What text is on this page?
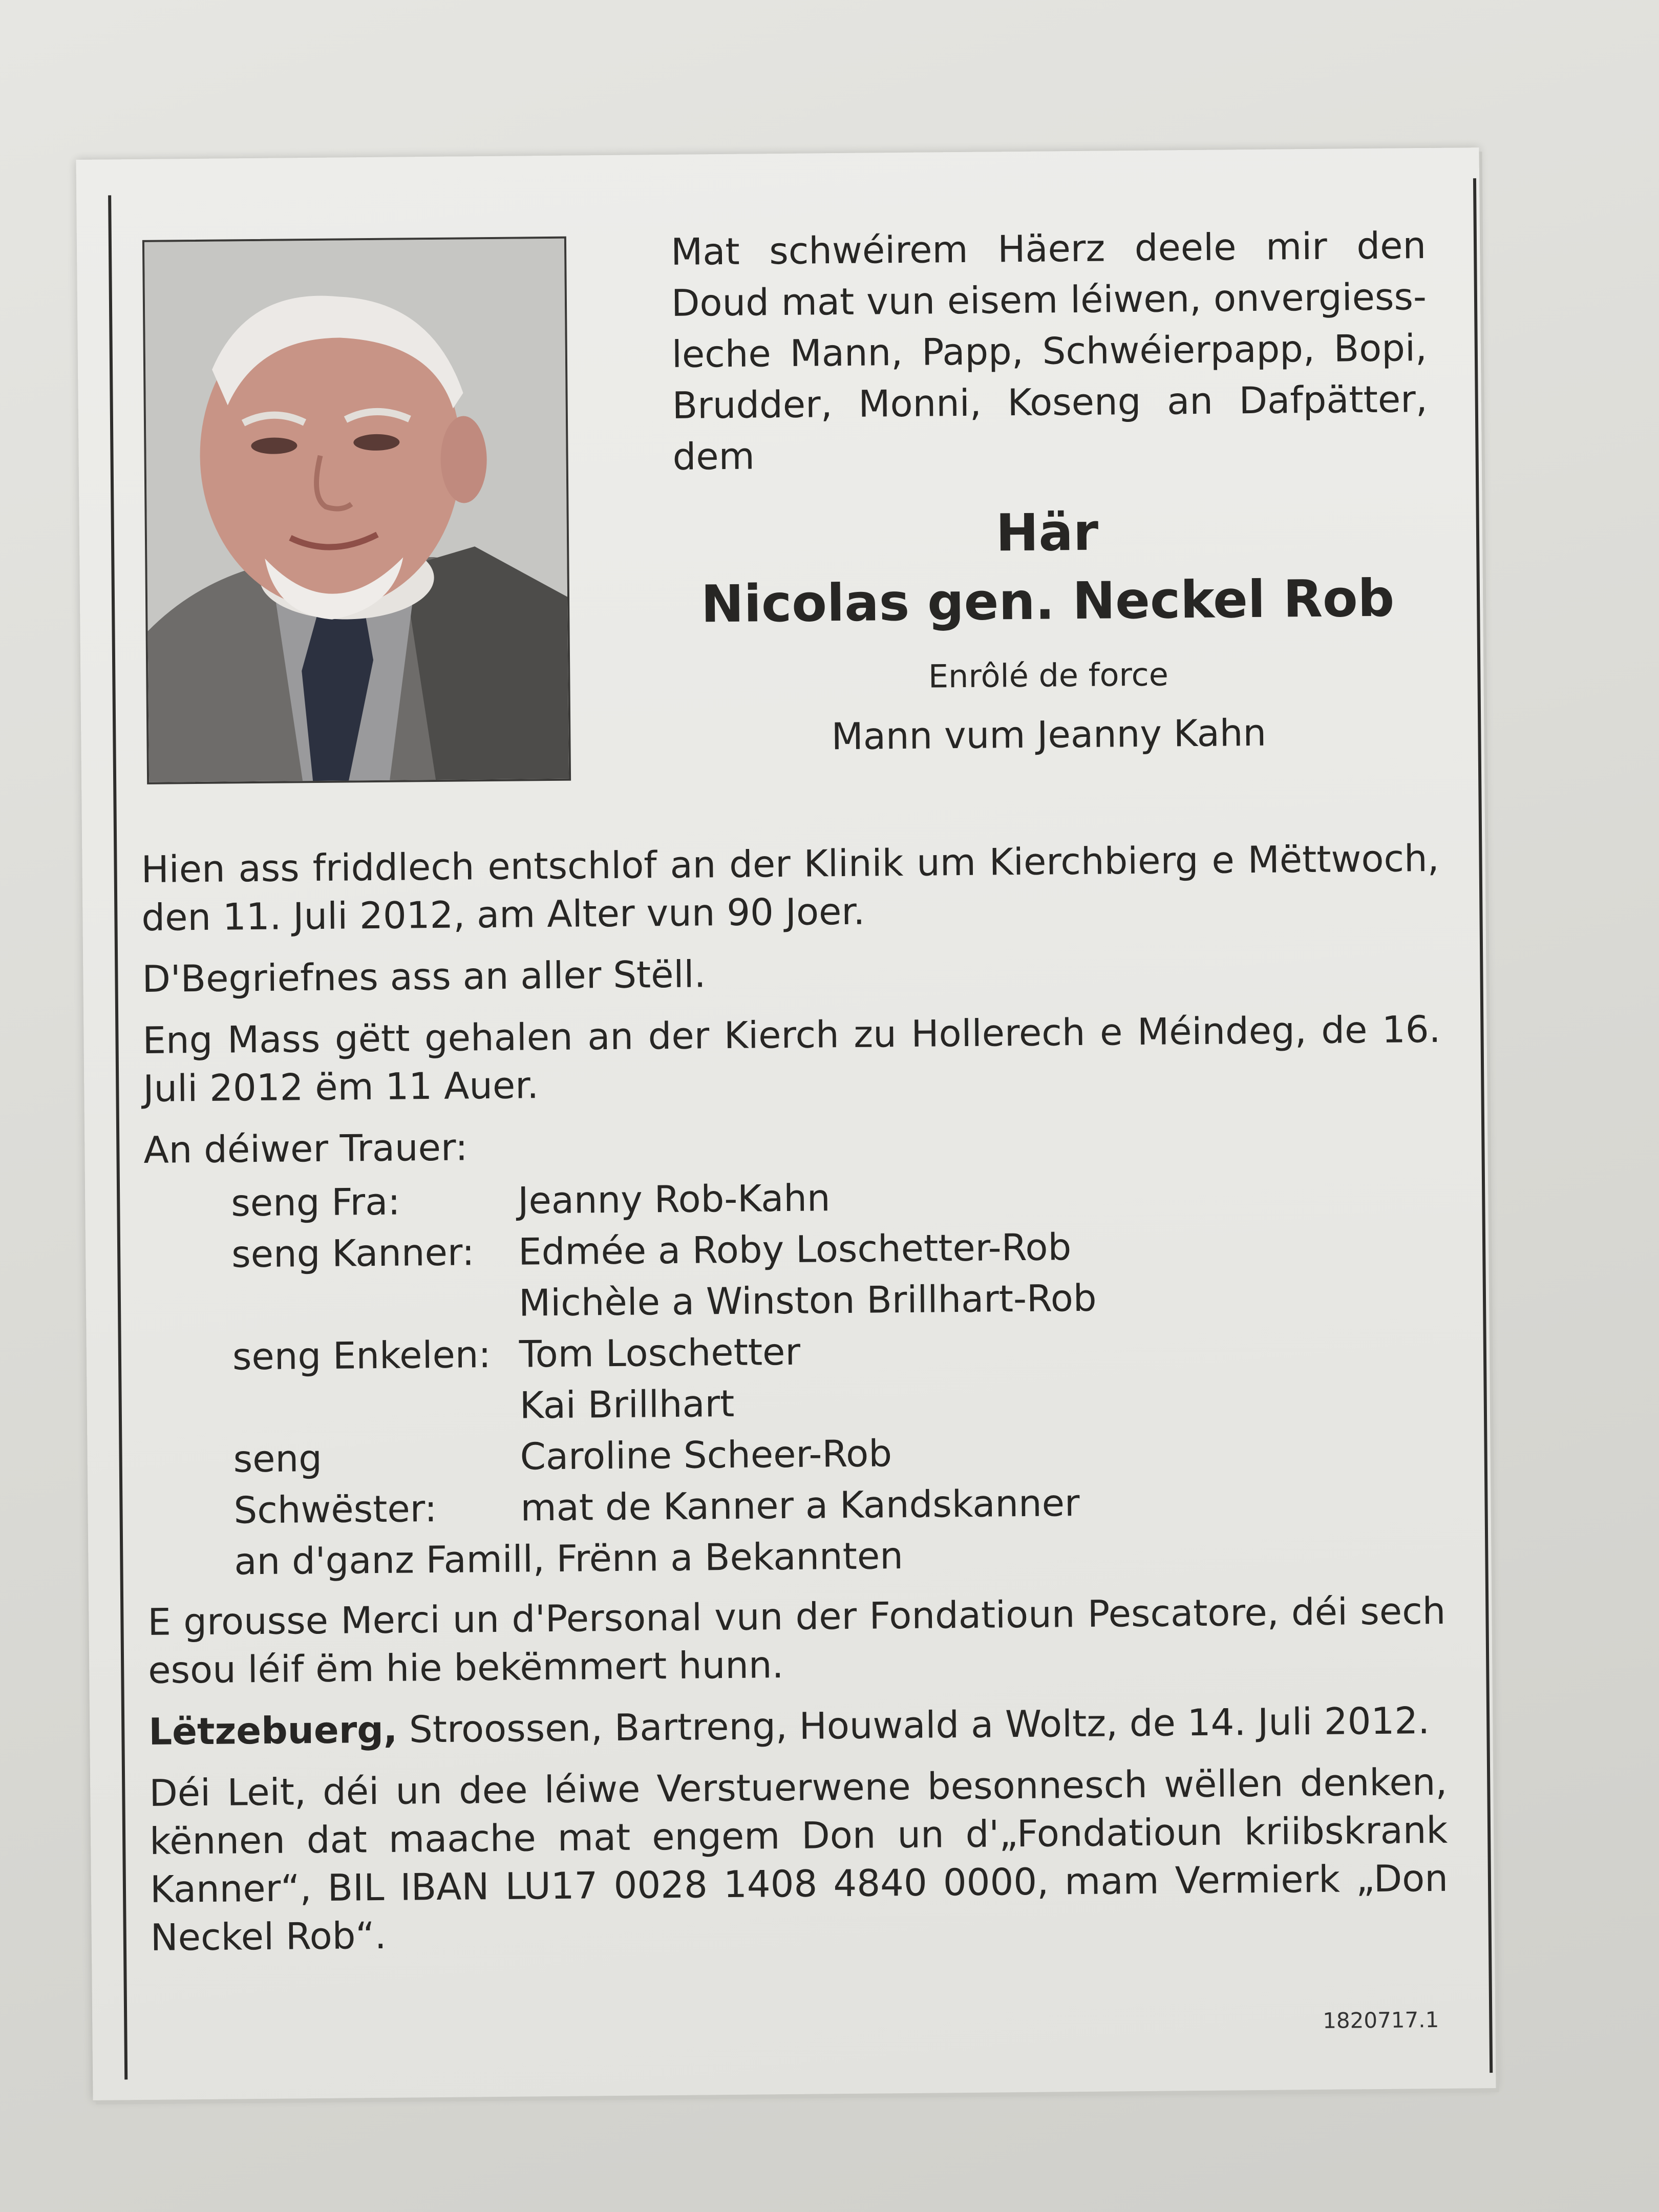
Mat schwéirem Häerz deele mir den Doud mat vun eisem léiwen, onvergiess-leche Mann, Papp, Schwéierpapp, Bopi, Brudder, Monni, Koseng an Dafpätter, dem
Här
Nicolas gen. Neckel Rob
Enrôlé de force
Mann vum Jeanny Kahn

Hien ass friddlech entschlof an der Klinik um Kierchbierg e Mëttwoch, den 11. Juli 2012, am Alter vun 90 Joer.

D'Begriefnes ass an aller Stëll.

Eng Mass gëtt gehalen an der Kierch zu Hollerech e Méindeg, de 16. Juli 2012 ëm 11 Auer.

An déiwer Trauer:

seng Fra:	Jeanny Rob-Kahn
seng Kanner:	Edmée a Roby Loschetter-Rob
Michèle a Winston Brillhart-Rob
seng Enkelen: Tom Loschetter
Kai Brillhart
seng Schwëster:
Caroline Scheer-Rob
mat de Kanner a Kandskanner
an d'ganz Famill, Frënn a Bekannten

E grousse Merci un d'Personal vun der Fondatioun Pescatore, déi sech esou léif ëm hie bekëmmert hunn.

Lëtzebuerg, Stroossen, Bartreng, Houwald a Woltz, de 14. Juli 2012.

Déi Leit, déi un dee léiwe Verstuerwene besonnesch wëllen denken, kënnen dat maache mat engem Don un d'„Fondatioun kriibskrank Kanner“, BIL IBAN LU17 0028 1408 4840 0000, mam Vermierk „Don Neckel Rob“.

1820717.1
